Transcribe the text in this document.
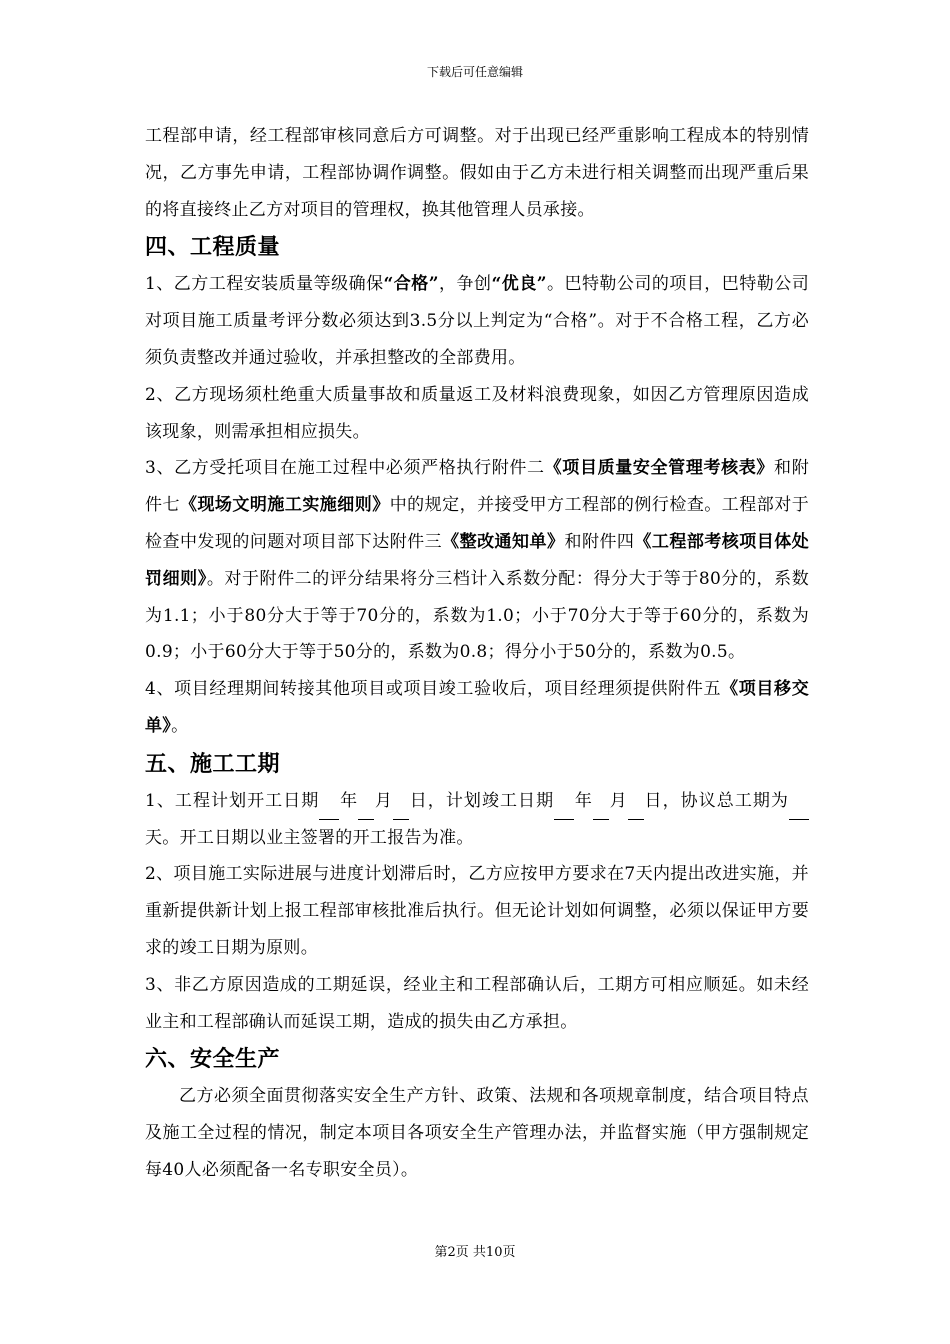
下载后可任意编辑

工程部申请，经工程部审核同意后方可调整。对于出现已经严重影响工程成本的特别情况，乙方事先申请，工程部协调作调整。假如由于乙方未进行相关调整而出现严重后果的将直接终止乙方对项目的管理权，换其他管理人员承接。

四、工程质量

1、乙方工程安装质量等级确保“合格”，争创“优良”。巴特勒公司的项目，巴特勒公司对项目施工质量考评分数必须达到3.5分以上判定为“合格”。对于不合格工程，乙方必须负责整改并通过验收，并承担整改的全部费用。

2、乙方现场须杜绝重大质量事故和质量返工及材料浪费现象，如因乙方管理原因造成该现象，则需承担相应损失。

3、乙方受托项目在施工过程中必须严格执行附件二《项目质量安全管理考核表》和附件七《现场文明施工实施细则》中的规定，并接受甲方工程部的例行检查。工程部对于检查中发现的问题对项目部下达附件三《整改通知单》和附件四《工程部考核项目体处罚细则》。对于附件二的评分结果将分三档计入系数分配：得分大于等于80分的，系数为1.1；小于80分大于等于70分的，系数为1.0；小于70分大于等于60分的，系数为0.9；小于60分大于等于50分的，系数为0.8；得分小于50分的，系数为0.5。

4、项目经理期间转接其他项目或项目竣工验收后，项目经理须提供附件五《项目移交单》。

五、施工工期

1、工程计划开工日期 年 月 日，计划竣工日期 年 月 日，协议总工期为天。开工日期以业主签署的开工报告为准。

2、项目施工实际进展与进度计划滞后时，乙方应按甲方要求在7天内提出改进实施，并重新提供新计划上报工程部审核批准后执行。但无论计划如何调整，必须以保证甲方要求的竣工日期为原则。

3、非乙方原因造成的工期延误，经业主和工程部确认后，工期方可相应顺延。如未经业主和工程部确认而延误工期，造成的损失由乙方承担。

六、安全生产

乙方必须全面贯彻落实安全生产方针、政策、法规和各项规章制度，结合项目特点及施工全过程的情况，制定本项目各项安全生产管理办法，并监督实施（甲方强制规定每40人必须配备一名专职安全员）。

第2页 共10页
